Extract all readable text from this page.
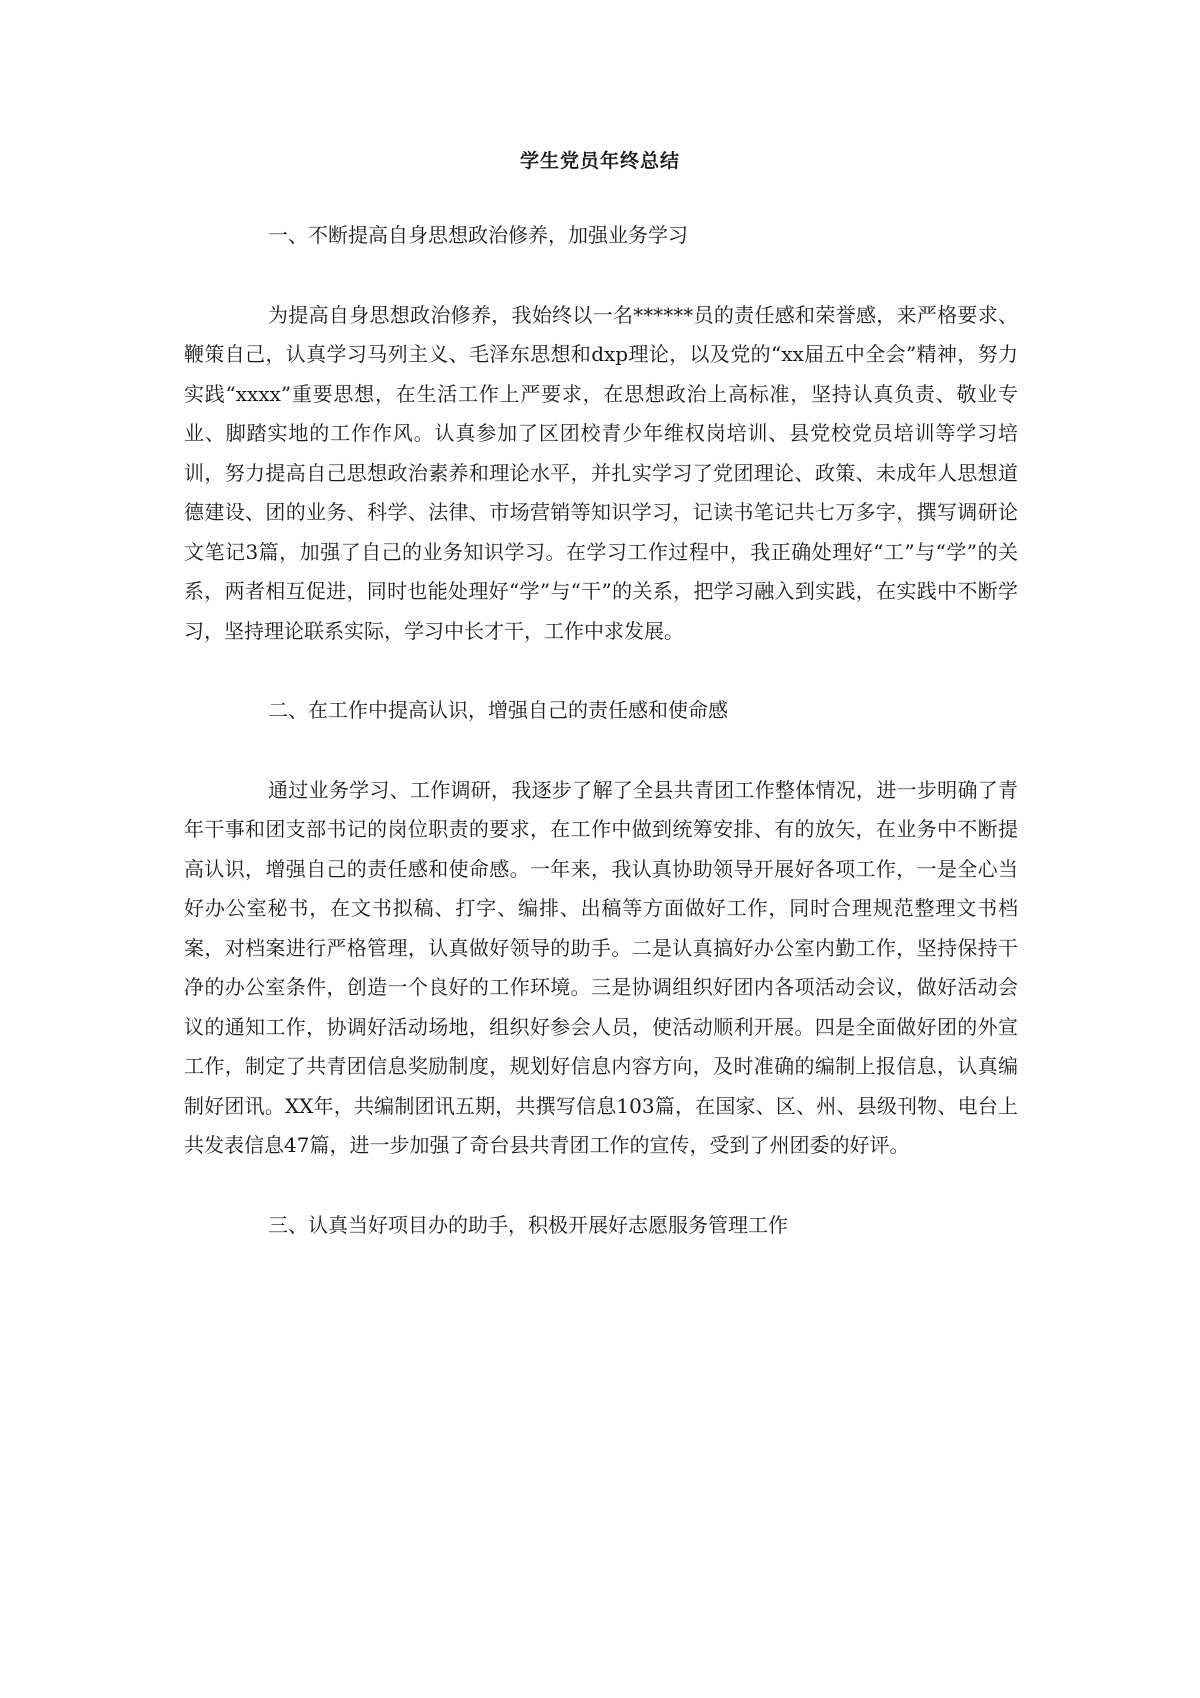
学生党员年终总结

一、不断提高自身思想政治修养，加强业务学习

为提高自身思想政治修养，我始终以一名******员的责任感和荣誉感，来严格要求、鞭策自己，认真学习马列主义、毛泽东思想和dxp理论，以及党的“xx届五中全会”精神，努力实践“xxxx”重要思想，在生活工作上严要求，在思想政治上高标准，坚持认真负责、敬业专业、脚踏实地的工作作风。认真参加了区团校青少年维权岗培训、县党校党员培训等学习培训，努力提高自己思想政治素养和理论水平，并扎实学习了党团理论、政策、未成年人思想道德建设、团的业务、科学、法律、市场营销等知识学习，记读书笔记共七万多字，撰写调研论文笔记3篇，加强了自己的业务知识学习。在学习工作过程中，我正确处理好“工”与“学”的关系，两者相互促进，同时也能处理好“学”与“干”的关系，把学习融入到实践，在实践中不断学习，坚持理论联系实际，学习中长才干，工作中求发展。

二、在工作中提高认识，增强自己的责任感和使命感

通过业务学习、工作调研，我逐步了解了全县共青团工作整体情况，进一步明确了青年干事和团支部书记的岗位职责的要求，在工作中做到统筹安排、有的放矢，在业务中不断提高认识，增强自己的责任感和使命感。一年来，我认真协助领导开展好各项工作，一是全心当好办公室秘书，在文书拟稿、打字、编排、出稿等方面做好工作，同时合理规范整理文书档案，对档案进行严格管理，认真做好领导的助手。二是认真搞好办公室内勤工作，坚持保持干净的办公室条件，创造一个良好的工作环境。三是协调组织好团内各项活动会议，做好活动会议的通知工作，协调好活动场地，组织好参会人员，使活动顺利开展。四是全面做好团的外宣工作，制定了共青团信息奖励制度，规划好信息内容方向，及时准确的编制上报信息，认真编制好团讯。XX年，共编制团讯五期，共撰写信息103篇，在国家、区、州、县级刊物、电台上共发表信息47篇，进一步加强了奇台县共青团工作的宣传，受到了州团委的好评。

三、认真当好项目办的助手，积极开展好志愿服务管理工作
